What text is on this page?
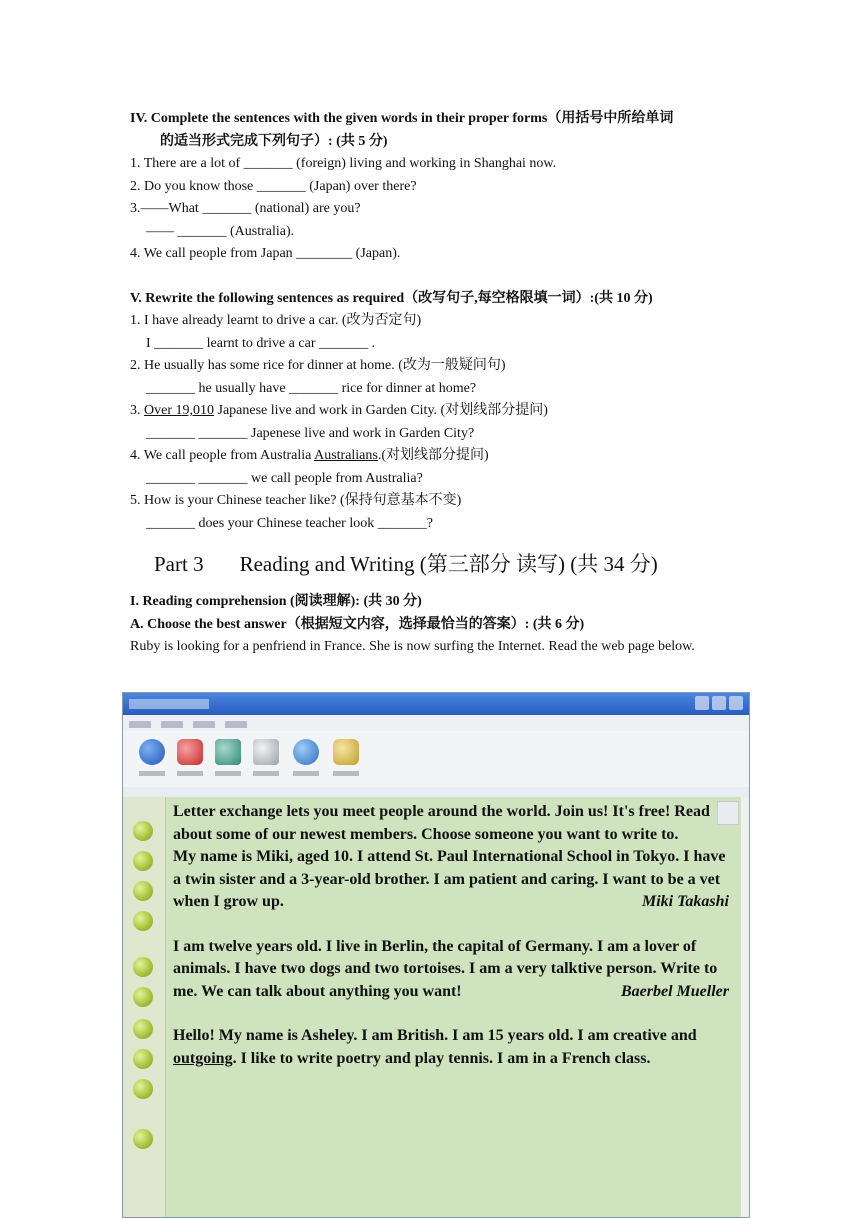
IV. Complete the sentences with the given words in their proper forms（用括号中所给单词
的适当形式完成下列句子）: (共 5 分)
1. There are a lot of _______ (foreign) living and working in Shanghai now.
2. Do you know those _______ (Japan) over there?
3.——What _______ (national) are you?
—— _______ (Australia).
4. We call people from Japan ________ (Japan).
V. Rewrite the following sentences as required（改写句子,每空格限填一词）:(共 10 分)
1. I have already learnt to drive a car. (改为否定句)
I _______ learnt to drive a car _______ .
2. He usually has some rice for dinner at home. (改为一般疑问句)
_______ he usually have _______ rice for dinner at home?
3. Over 19,010 Japanese live and work in Garden City. (对划线部分提问)
_______ _______ Japenese live and work in Garden City?
4. We call people from Australia Australians.(对划线部分提问)
_______ _______ we call people from Australia?
5. How is your Chinese teacher like? (保持句意基本不变)
_______ does your Chinese teacher look _______?
Part 3 Reading and Writing (第三部分 读写) (共 34 分)
I. Reading comprehension (阅读理解): (共 30 分)
A. Choose the best answer（根据短文内容，选择最恰当的答案）: (共 6 分)
Ruby is looking for a penfriend in France. She is now surfing the Internet. Read the web page below.

Letter exchange lets you meet people around the world. Join us! It's free! Read about some of our newest members. Choose someone you want to write to.

My name is Miki, aged 10. I attend St. Paul International School in Tokyo. I have a twin sister and a 3-year-old brother. I am patient and caring. I want to be a vet when I grow up.	Miki Takashi

I am twelve years old. I live in Berlin, the capital of Germany. I am a lover of animals. I have two dogs and two tortoises. I am a very talktive person. Write to me. We can talk about anything you want!	Baerbel Mueller

Hello! My name is Asheley. I am British. I am 15 years old. I am creative and outgoing. I like to write poetry and play tennis. I am in a French class.
